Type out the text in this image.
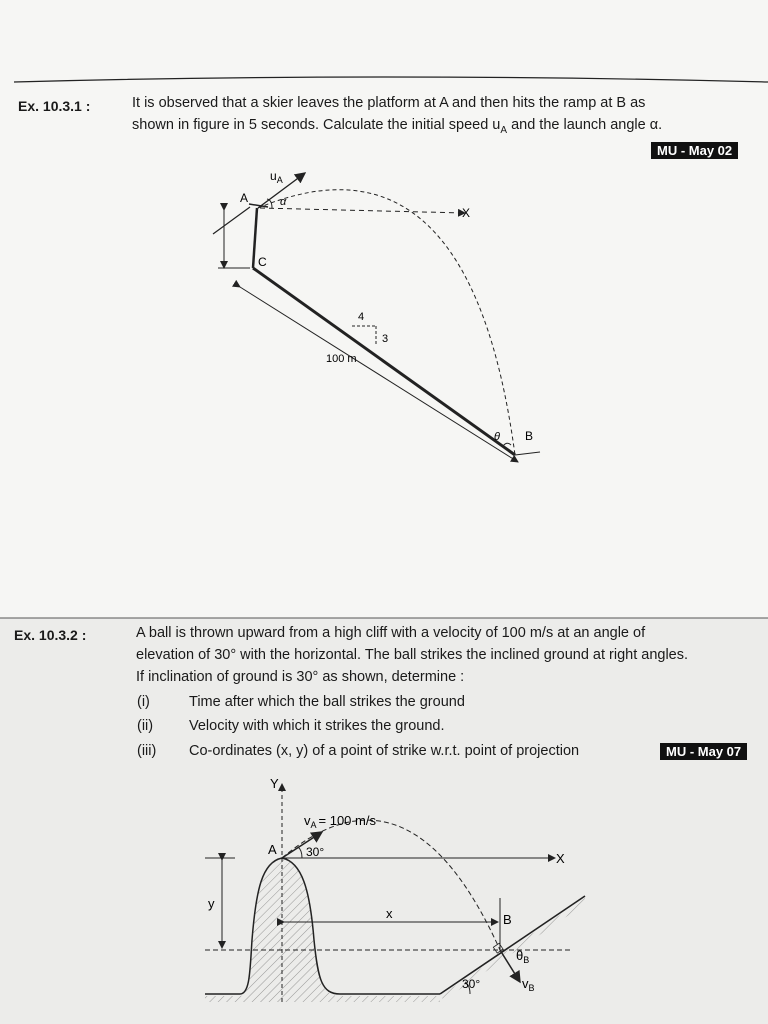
Ex. 10.3.1 :	It is observed that a skier leaves the platform at A and then hits the ramp at B as
shown in figure in 5 seconds. Calculate the initial speed $u_A$ and the launch angle α.
MU - May 02
$u_A$
A	α
X
C
4
3
100 m
θ B
Ex. 10.3.2 :	A ball is thrown upward from a high cliff with a velocity of 100 m/s at an angle of
elevation of 30° with the horizontal. The ball strikes the inclined ground at right angles.
If inclination of ground is 30° as shown, determine :
(i)	Time after which the ball strikes the ground
(ii) Velocity with which it strikes the ground.
(iii) Co-ordinates (x, y) of a point of strike w.r.t. point of projection	MU - May 07
Y
$v_A = 100$ m/s
A 30°	X
y
x	B
$\theta_B$
$v_B$
30°
